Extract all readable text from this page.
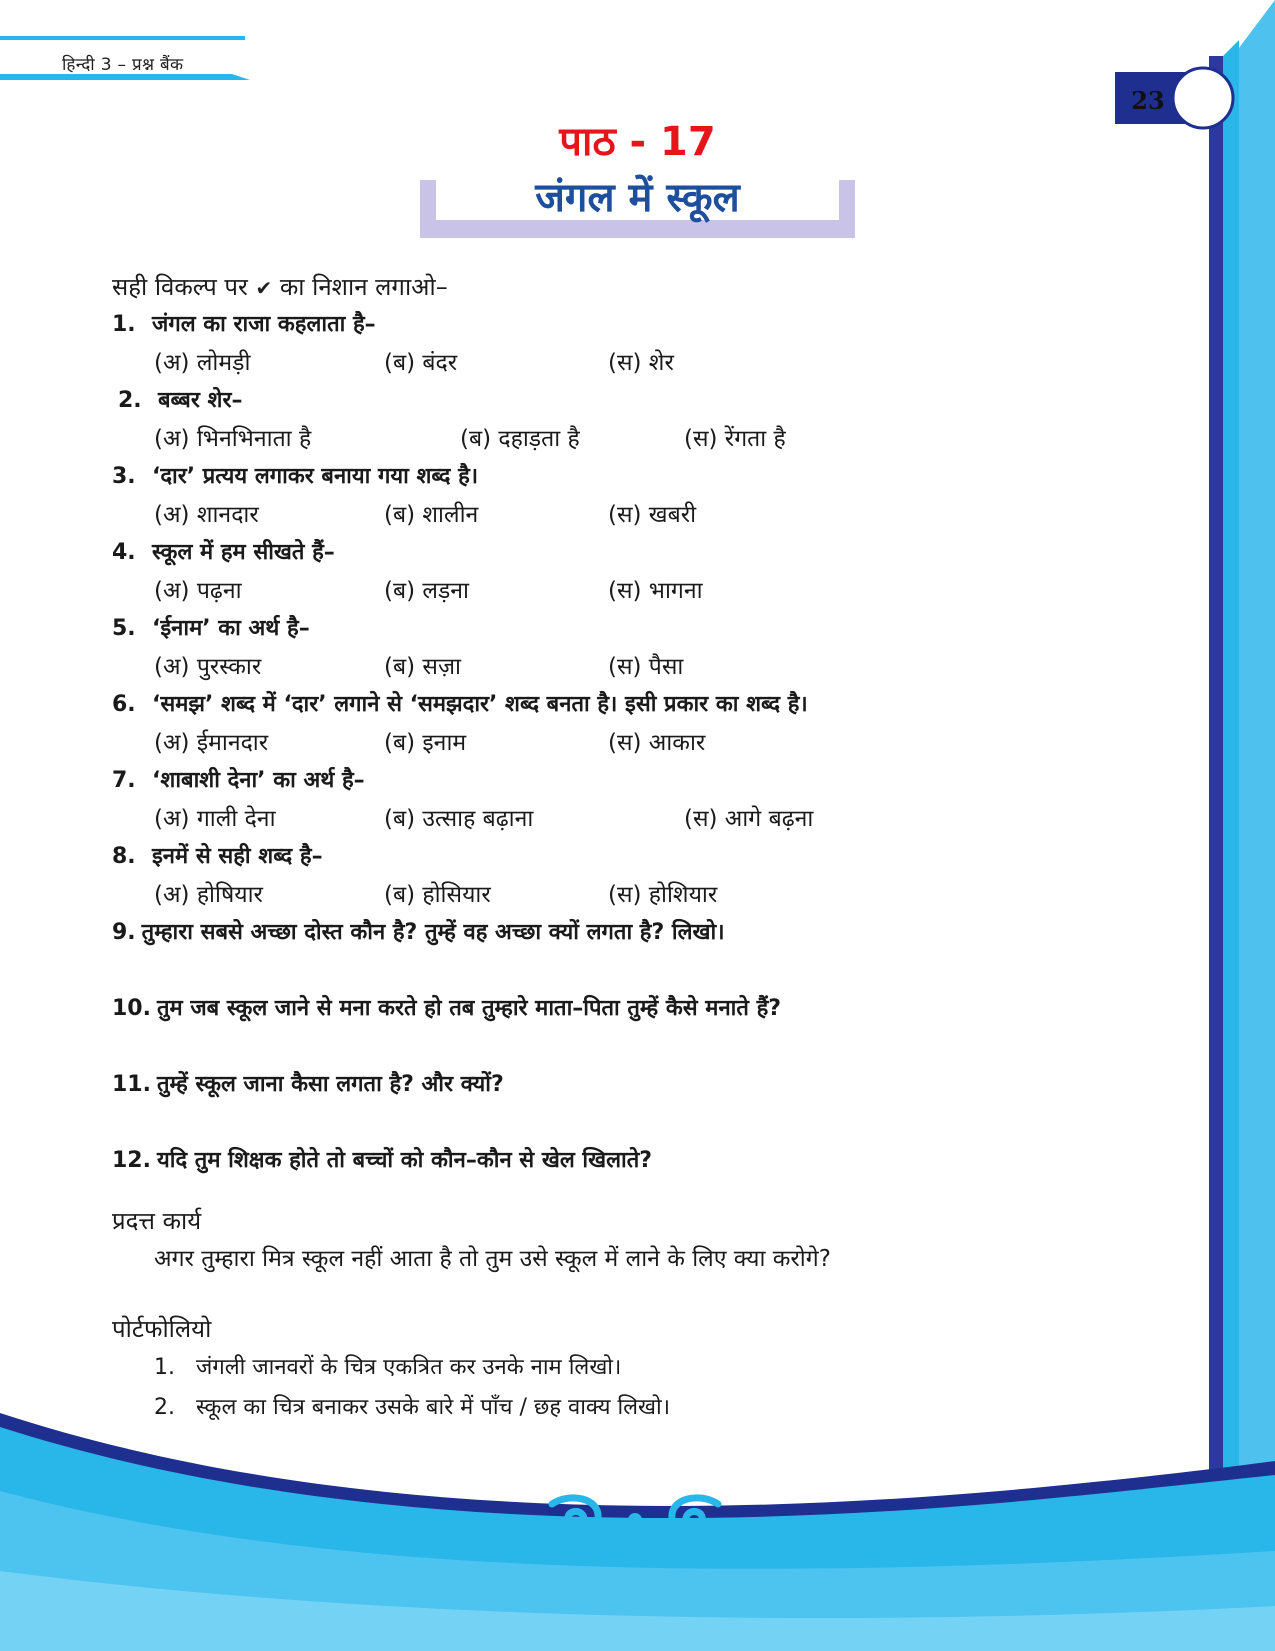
हिन्दी 3 – प्रश्न बैंक
23
पाठ - 17
जंगल में स्कूल
सही विकल्प पर ✔ का निशान लगाओ–
1. जंगल का राजा कहलाता है–
(अ) लोमड़ी	(ब) बंदर	(स) शेर
2. बब्बर शेर–
(अ) भिनभिनाता है	(ब) दहाड़ता है	(स) रेंगता है
3. ‘दार’ प्रत्यय लगाकर बनाया गया शब्द है।
(अ) शानदार	(ब) शालीन	(स) खबरी
4. स्कूल में हम सीखते हैं–
(अ) पढ़ना	(ब) लड़ना	(स) भागना
5. ‘ईनाम’ का अर्थ है–
(अ) पुरस्कार	(ब) सज़ा	(स) पैसा
6. ‘समझ’ शब्द में ‘दार’ लगाने से ‘समझदार’ शब्द बनता है। इसी प्रकार का शब्द है।
(अ) ईमानदार	(ब) इनाम	(स) आकार
7. ‘शाबाशी देना’ का अर्थ है–
(अ) गाली देना	(ब) उत्साह बढ़ाना	(स) आगे बढ़ना
8. इनमें से सही शब्द है–
(अ) होषियार	(ब) होसियार	(स) होशियार
9. तुम्हारा सबसे अच्छा दोस्त कौन है? तुम्हें वह अच्छा क्यों लगता है? लिखो।
10. तुम जब स्कूल जाने से मना करते हो तब तुम्हारे माता–पिता तुम्हें कैसे मनाते हैं?
11. तुम्हें स्कूल जाना कैसा लगता है? और क्यों?
12. यदि तुम शिक्षक होते तो बच्चों को कौन–कौन से खेल खिलाते?
प्रदत्त कार्य
अगर तुम्हारा मित्र स्कूल नहीं आता है तो तुम उसे स्कूल में लाने के लिए क्या करोगे?
पोर्टफोलियो
1. जंगली जानवरों के चित्र एकत्रित कर उनके नाम लिखो।
2. स्कूल का चित्र बनाकर उसके बारे में पाँच / छह वाक्य लिखो।
